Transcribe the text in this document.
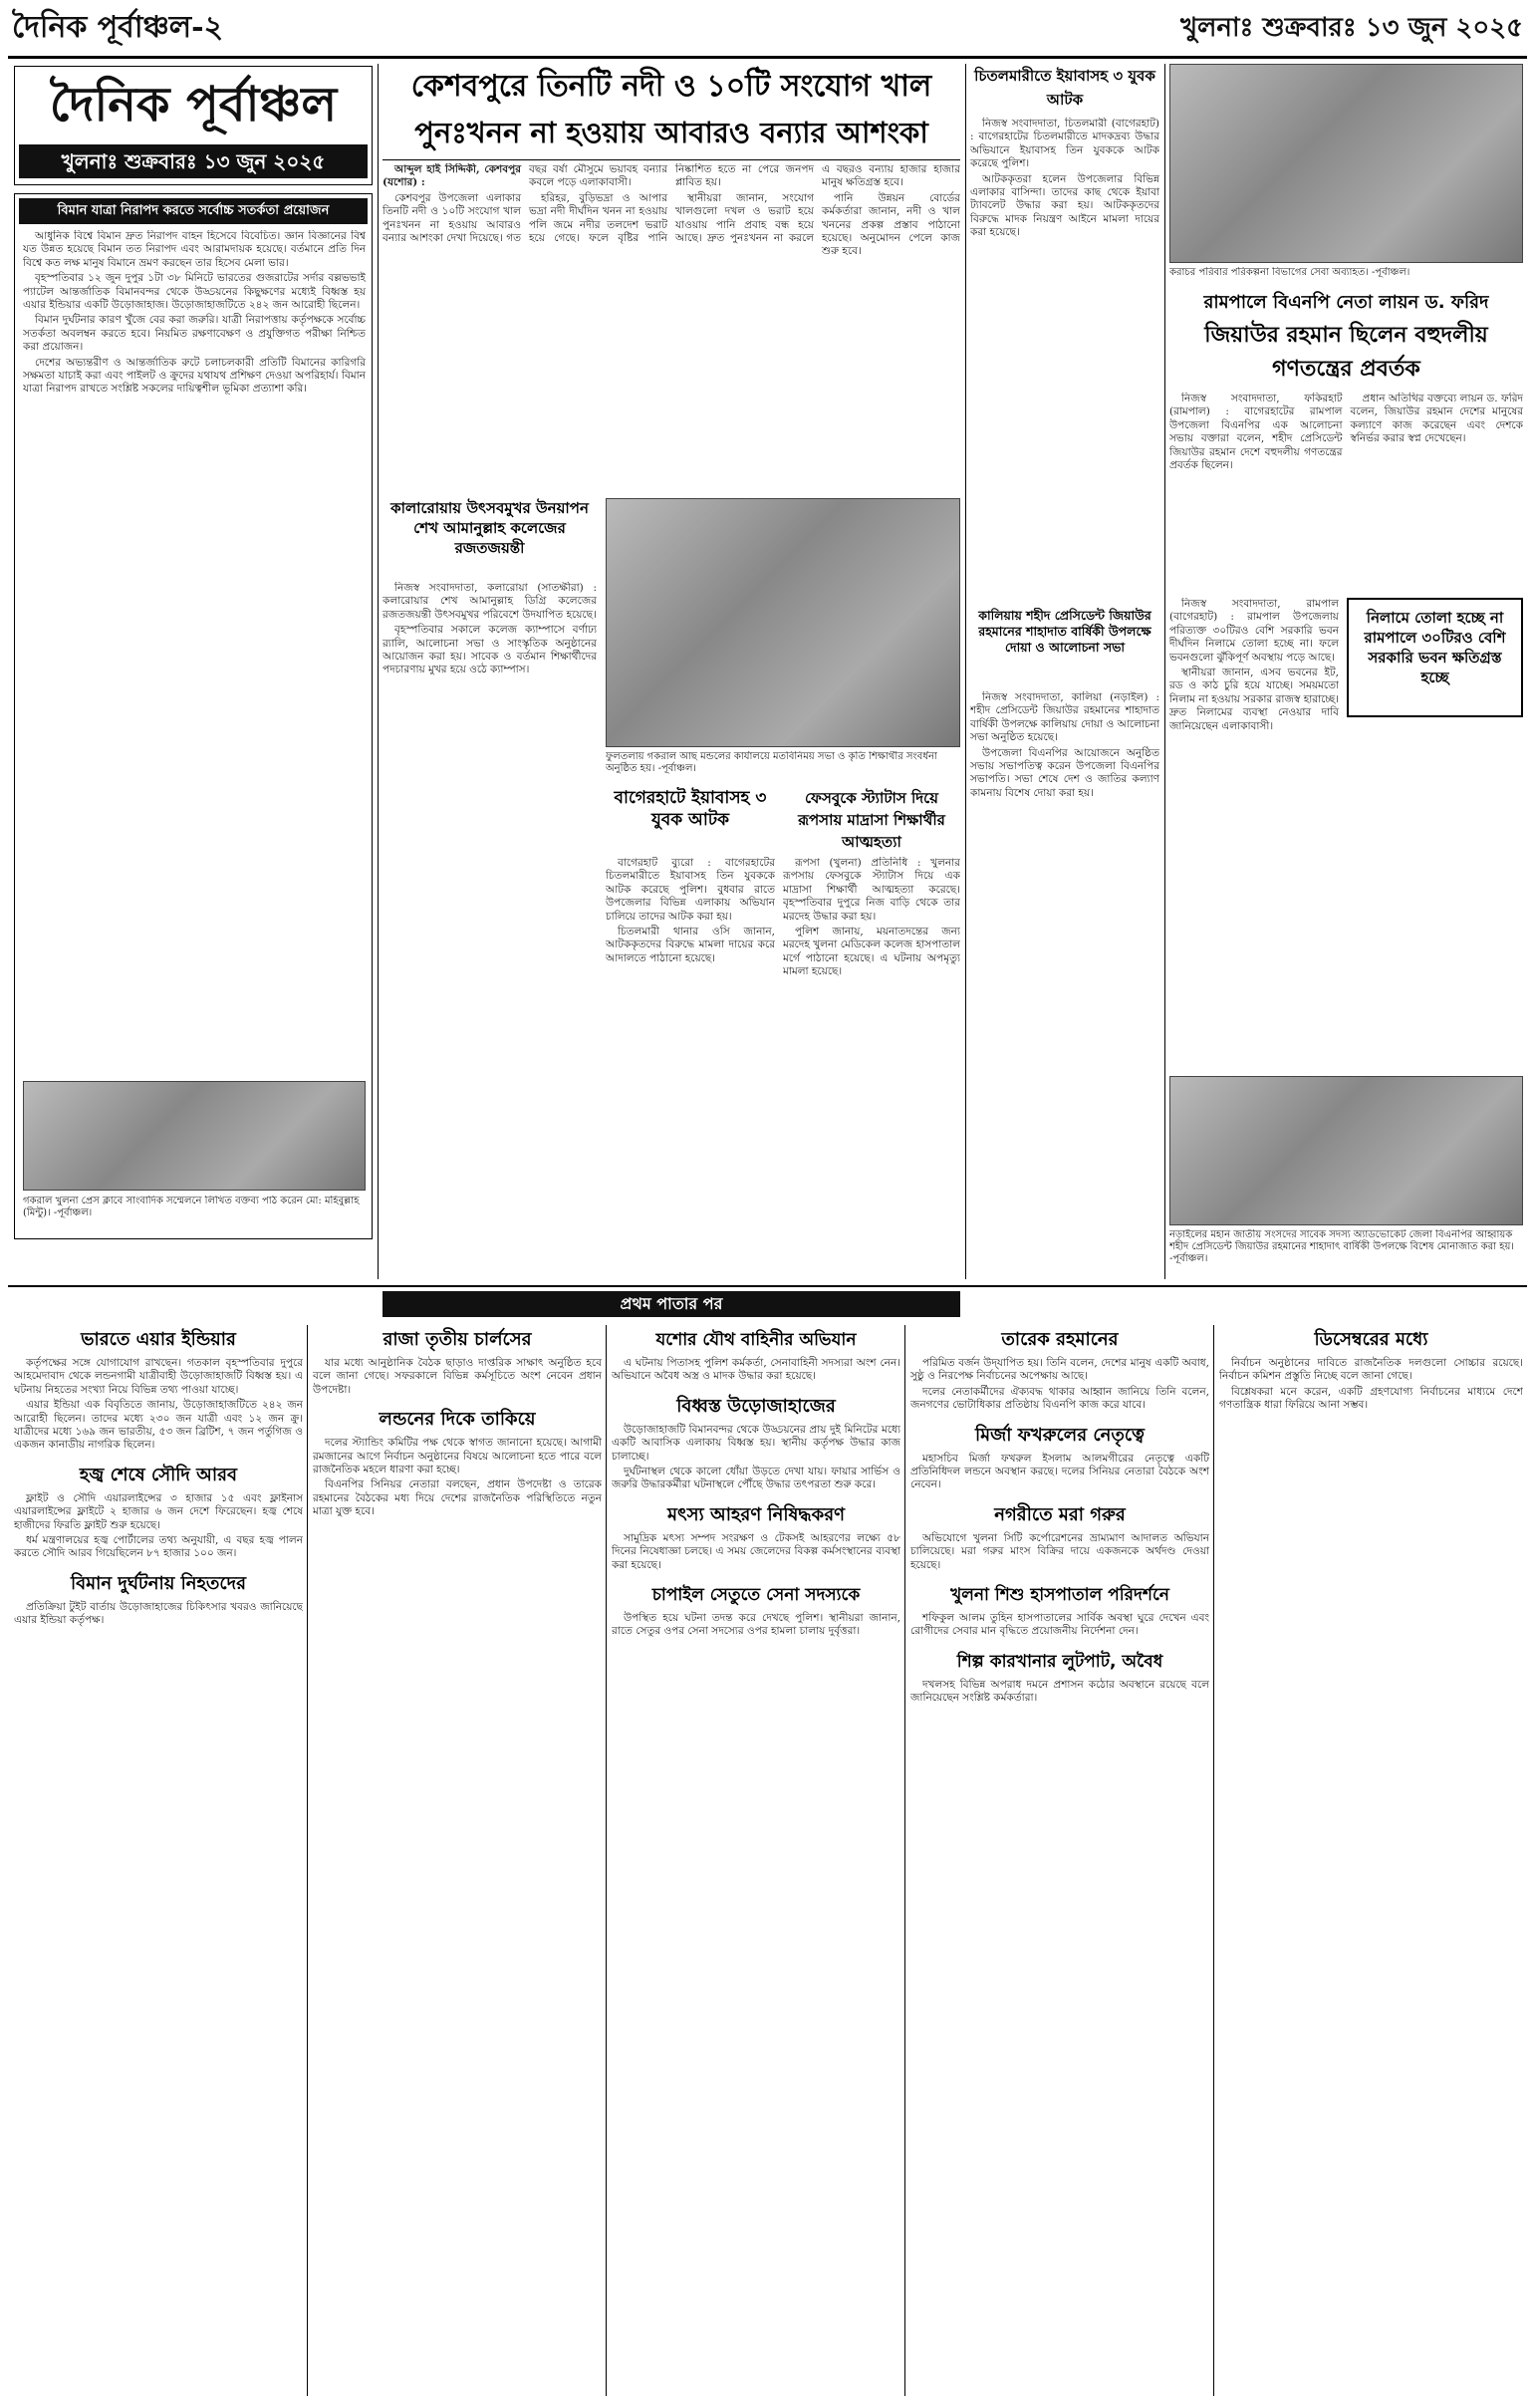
দৈনিক পূর্বাঞ্চল-২	খুলনাঃ শুক্রবারঃ ১৩ জুন ২০২৫
দৈনিক পূর্বাঞ্চল
খুলনাঃ শুক্রবারঃ ১৩ জুন ২০২৫
বিমান যাত্রা নিরাপদ করতে সর্বোচ্চ সতর্কতা প্রয়োজন

আধুনিক বিশ্বে বিমান দ্রুত নিরাপদ বাহন হিসেবে বিবেচিত। জ্ঞান বিজ্ঞানের বিশ্ব যত উন্নত হয়েছে বিমান তত নিরাপদ এবং আরামদায়ক হয়েছে। বর্তমানে প্রতি দিন বিশ্বে কত লক্ষ মানুষ বিমানে ভ্রমণ করছেন তার হিসেব মেলা ভার।

বৃহস্পতিবার ১২ জুন দুপুর ১টা ৩৮ মিনিটে ভারতের গুজরাটের সর্দার বল্লভভাই প্যাটেল আন্তর্জাতিক বিমানবন্দর থেকে উড্ডয়নের কিছুক্ষণের মধ্যেই বিধ্বস্ত হয় এয়ার ইন্ডিয়ার একটি উড়োজাহাজ। উড়োজাহাজটিতে ২৪২ জন আরোহী ছিলেন।

বিমান দুর্ঘটনার কারণ খুঁজে বের করা জরুরি। যাত্রী নিরাপত্তায় কর্তৃপক্ষকে সর্বোচ্চ সতর্কতা অবলম্বন করতে হবে। নিয়মিত রক্ষণাবেক্ষণ ও প্রযুক্তিগত পরীক্ষা নিশ্চিত করা প্রয়োজন।

দেশের অভ্যন্তরীণ ও আন্তর্জাতিক রুটে চলাচলকারী প্রতিটি বিমানের কারিগরি সক্ষমতা যাচাই করা এবং পাইলট ও ক্রুদের যথাযথ প্রশিক্ষণ দেওয়া অপরিহার্য। বিমান যাত্রা নিরাপদ রাখতে সংশ্লিষ্ট সকলের দায়িত্বশীল ভূমিকা প্রত্যাশা করি।

গকরাল খুলনা প্রেস ক্লাবে সাংবাদিক সম্মেলনে লিখিত বক্তব্য পাঠ করেন মো: মহিবুল্লাহ (মিন্টু)। -পূর্বাঞ্চল।
কেশবপুরে তিনটি নদী ও ১০টি সংযোগ খাল
পুনঃখনন না হওয়ায় আবারও বন্যার আশংকা

আব্দুল হাই সিদ্দিকী, কেশবপুর (যশোর) :

কেশবপুর উপজেলা এলাকার তিনটি নদী ও ১০টি সংযোগ খাল পুনঃখনন না হওয়ায় আবারও বন্যার আশংকা দেখা দিয়েছে। গত বছর বর্ষা মৌসুমে ভয়াবহ বন্যার কবলে পড়ে এলাকাবাসী।

হরিহর, বুড়িভদ্রা ও আপার ভদ্রা নদী দীর্ঘদিন খনন না হওয়ায় পলি জমে নদীর তলদেশ ভরাট হয়ে গেছে। ফলে বৃষ্টির পানি নিষ্কাশিত হতে না পেরে জনপদ প্লাবিত হয়।

স্থানীয়রা জানান, সংযোগ খালগুলো দখল ও ভরাট হয়ে যাওয়ায় পানি প্রবাহ বন্ধ হয়ে আছে। দ্রুত পুনঃখনন না করলে এ বছরও বন্যায় হাজার হাজার মানুষ ক্ষতিগ্রস্ত হবে।

পানি উন্নয়ন বোর্ডের কর্মকর্তারা জানান, নদী ও খাল খননের প্রকল্প প্রস্তাব পাঠানো হয়েছে। অনুমোদন পেলে কাজ শুরু হবে।

কালারোয়ায় উৎসবমুখর উনয়াপন শেখ আমানুল্লাহ কলেজের রজতজয়ন্তী

নিজস্ব সংবাদদাতা, কলারোয়া (সাতক্ষীরা) : কলারোয়ার শেখ আমানুল্লাহ ডিগ্রি কলেজের রজতজয়ন্তী উৎসবমুখর পরিবেশে উদযাপিত হয়েছে।

বৃহস্পতিবার সকালে কলেজ ক্যাম্পাসে বর্ণাঢ্য র‍্যালি, আলোচনা সভা ও সাংস্কৃতিক অনুষ্ঠানের আয়োজন করা হয়। সাবেক ও বর্তমান শিক্ষার্থীদের পদচারণায় মুখর হয়ে ওঠে ক্যাম্পাস।

ফুলতলায় গকরাল আছ মন্ডলের কার্যালয়ে মতবিনিময় সভা ও কৃতি শিক্ষার্থীর সংবর্ধনা অনুষ্ঠিত হয়। -পূর্বাঞ্চল।
বাগেরহাটে ইয়াবাসহ ৩ যুবক আটক

বাগেরহাট ব্যুরো : বাগেরহাটের চিতলমারীতে ইয়াবাসহ তিন যুবককে আটক করেছে পুলিশ। বুধবার রাতে উপজেলার বিভিন্ন এলাকায় অভিযান চালিয়ে তাদের আটক করা হয়।

চিতলমারী থানার ওসি জানান, আটককৃতদের বিরুদ্ধে মামলা দায়ের করে আদালতে পাঠানো হয়েছে।

ফেসবুকে স্ট্যাটাস দিয়ে রূপসায় মাদ্রাসা শিক্ষার্থীর আত্মহত্যা

রূপসা (খুলনা) প্রতিনিধি : খুলনার রূপসায় ফেসবুকে স্ট্যাটাস দিয়ে এক মাদ্রাসা শিক্ষার্থী আত্মহত্যা করেছে। বৃহস্পতিবার দুপুরে নিজ বাড়ি থেকে তার মরদেহ উদ্ধার করা হয়।

পুলিশ জানায়, ময়নাতদন্তের জন্য মরদেহ খুলনা মেডিকেল কলেজ হাসপাতাল মর্গে পাঠানো হয়েছে। এ ঘটনায় অপমৃত্যু মামলা হয়েছে।

চিতলমারীতে ইয়াবাসহ ৩ যুবক আটক

নিজস্ব সংবাদদাতা, চিতলমারী (বাগেরহাট) : বাগেরহাটের চিতলমারীতে মাদকদ্রব্য উদ্ধার অভিযানে ইয়াবাসহ তিন যুবককে আটক করেছে পুলিশ।

আটককৃতরা হলেন উপজেলার বিভিন্ন এলাকার বাসিন্দা। তাদের কাছ থেকে ইয়াবা ট্যাবলেট উদ্ধার করা হয়। আটককৃতদের বিরুদ্ধে মাদক নিয়ন্ত্রণ আইনে মামলা দায়ের করা হয়েছে।

কালিয়ায় শহীদ প্রেসিডেন্ট জিয়াউর রহমানের শাহাদাত বার্ষিকী উপলক্ষে দোয়া ও আলোচনা সভা

নিজস্ব সংবাদদাতা, কালিয়া (নড়াইল) : শহীদ প্রেসিডেন্ট জিয়াউর রহমানের শাহাদাত বার্ষিকী উপলক্ষে কালিয়ায় দোয়া ও আলোচনা সভা অনুষ্ঠিত হয়েছে।

উপজেলা বিএনপির আয়োজনে অনুষ্ঠিত সভায় সভাপতিত্ব করেন উপজেলা বিএনপির সভাপতি। সভা শেষে দেশ ও জাতির কল্যাণ কামনায় বিশেষ দোয়া করা হয়।

করাচর পরিবার পরিকল্পনা বিভাগের সেবা অব্যাহত। -পূর্বাঞ্চল।
রামপালে বিএনপি নেতা লায়ন ড. ফরিদ
জিয়াউর রহমান ছিলেন বহুদলীয় গণতন্ত্রের প্রবর্তক

নিজস্ব সংবাদদাতা, ফকিরহাট (রামপাল) : বাগেরহাটের রামপাল উপজেলা বিএনপির এক আলোচনা সভায় বক্তারা বলেন, শহীদ প্রেসিডেন্ট জিয়াউর রহমান দেশে বহুদলীয় গণতন্ত্রের প্রবর্তক ছিলেন।

প্রধান অতিথির বক্তব্যে লায়ন ড. ফরিদ বলেন, জিয়াউর রহমান দেশের মানুষের কল্যাণে কাজ করেছেন এবং দেশকে স্বনির্ভর করার স্বপ্ন দেখেছেন।

নিলামে তোলা হচ্ছে না রামপালে ৩০টিরও বেশি সরকারি ভবন ক্ষতিগ্রস্ত হচ্ছে

নিজস্ব সংবাদদাতা, রামপাল (বাগেরহাট) : রামপাল উপজেলায় পরিত্যক্ত ৩০টিরও বেশি সরকারি ভবন দীর্ঘদিন নিলামে তোলা হচ্ছে না। ফলে ভবনগুলো ঝুঁকিপূর্ণ অবস্থায় পড়ে আছে।

স্থানীয়রা জানান, এসব ভবনের ইট, রড ও কাঠ চুরি হয়ে যাচ্ছে। সময়মতো নিলাম না হওয়ায় সরকার রাজস্ব হারাচ্ছে। দ্রুত নিলামের ব্যবস্থা নেওয়ার দাবি জানিয়েছেন এলাকাবাসী।

নড়াইলের মহান জাতীয় সংসদের সাবেক সদস্য অ্যাডভোকেট জেলা বিএনপির আহ্বায়ক শহীদ প্রেসিডেন্ট জিয়াউর রহমানের শাহাদাৎ বার্ষিকী উপলক্ষে বিশেষ মোনাজাত করা হয়। -পূর্বাঞ্চল।
প্রথম পাতার পর
ভারতে এয়ার ইন্ডিয়ার

কর্তৃপক্ষের সঙ্গে যোগাযোগ রাখছেন। গতকাল বৃহস্পতিবার দুপুরে আহমেদাবাদ থেকে লন্ডনগামী যাত্রীবাহী উড়োজাহাজটি বিধ্বস্ত হয়। এ ঘটনায় নিহতের সংখ্যা নিয়ে বিভিন্ন তথ্য পাওয়া যাচ্ছে।

এয়ার ইন্ডিয়া এক বিবৃতিতে জানায়, উড়োজাহাজটিতে ২৪২ জন আরোহী ছিলেন। তাদের মধ্যে ২৩০ জন যাত্রী এবং ১২ জন ক্রু। যাত্রীদের মধ্যে ১৬৯ জন ভারতীয়, ৫৩ জন ব্রিটিশ, ৭ জন পর্তুগিজ ও একজন কানাডীয় নাগরিক ছিলেন।

হজ্ব শেষে সৌদি আরব

ফ্লাইট ও সৌদি এয়ারলাইন্সের ৩ হাজার ১৫ এবং ফ্লাইনাস এয়ারলাইন্সের ফ্লাইটে ২ হাজার ৬ জন দেশে ফিরেছেন। হজ্ব শেষে হাজীদের ফিরতি ফ্লাইট শুরু হয়েছে।

ধর্ম মন্ত্রণালয়ের হজ্ব পোর্টালের তথ্য অনুযায়ী, এ বছর হজ্ব পালন করতে সৌদি আরব গিয়েছিলেন ৮৭ হাজার ১০০ জন।

বিমান দুর্ঘটনায় নিহতদের

প্রতিক্রিয়া টুইট বার্তায় উড়োজাহাজের চিকিৎসার খবরও জানিয়েছে এয়ার ইন্ডিয়া কর্তৃপক্ষ।

রাজা তৃতীয় চার্লসের

যার মধ্যে আনুষ্ঠানিক বৈঠক ছাড়াও দাপ্তরিক সাক্ষাৎ অনুষ্ঠিত হবে বলে জানা গেছে। সফরকালে বিভিন্ন কর্মসূচিতে অংশ নেবেন প্রধান উপদেষ্টা।

লন্ডনের দিকে তাকিয়ে

দলের স্ট্যান্ডিং কমিটির পক্ষ থেকে স্বাগত জানানো হয়েছে। আগামী রমজানের আগে নির্বাচন অনুষ্ঠানের বিষয়ে আলোচনা হতে পারে বলে রাজনৈতিক মহলে ধারণা করা হচ্ছে।

বিএনপির সিনিয়র নেতারা বলছেন, প্রধান উপদেষ্টা ও তারেক রহমানের বৈঠকের মধ্য দিয়ে দেশের রাজনৈতিক পরিস্থিতিতে নতুন মাত্রা যুক্ত হবে।

যশোর যৌথ বাহিনীর অভিযান

এ ঘটনায় পিতাসহ পুলিশ কর্মকর্তা, সেনাবাহিনী সদস্যরা অংশ নেন। অভিযানে অবৈধ অস্ত্র ও মাদক উদ্ধার করা হয়েছে।

বিধ্বস্ত উড়োজাহাজের

উড়োজাহাজটি বিমানবন্দর থেকে উড্ডয়নের প্রায় দুই মিনিটের মধ্যে একটি আবাসিক এলাকায় বিধ্বস্ত হয়। স্থানীয় কর্তৃপক্ষ উদ্ধার কাজ চালাচ্ছে।

দুর্ঘটনাস্থল থেকে কালো ধোঁয়া উড়তে দেখা যায়। ফায়ার সার্ভিস ও জরুরি উদ্ধারকর্মীরা ঘটনাস্থলে পৌঁছে উদ্ধার তৎপরতা শুরু করে।

মৎস্য আহরণ নিষিদ্ধকরণ

সামুদ্রিক মৎস্য সম্পদ সংরক্ষণ ও টেকসই আহরণের লক্ষ্যে ৫৮ দিনের নিষেধাজ্ঞা চলছে। এ সময় জেলেদের বিকল্প কর্মসংস্থানের ব্যবস্থা করা হয়েছে।

চাপাইল সেতুতে সেনা সদস্যকে

উপস্থিত হয়ে ঘটনা তদন্ত করে দেখছে পুলিশ। স্থানীয়রা জানান, রাতে সেতুর ওপর সেনা সদস্যের ওপর হামলা চালায় দুর্বৃত্তরা।

তারেক রহমানের

পরিমিত বর্জন উদ্‌যাপিত হয়। তিনি বলেন, দেশের মানুষ একটি অবাধ, সুষ্ঠু ও নিরপেক্ষ নির্বাচনের অপেক্ষায় আছে।

দলের নেতাকর্মীদের ঐক্যবদ্ধ থাকার আহ্বান জানিয়ে তিনি বলেন, জনগণের ভোটাধিকার প্রতিষ্ঠায় বিএনপি কাজ করে যাবে।

মির্জা ফখরুলের নেতৃত্বে

মহাসচিব মির্জা ফখরুল ইসলাম আলমগীরের নেতৃত্বে একটি প্রতিনিধিদল লন্ডনে অবস্থান করছে। দলের সিনিয়র নেতারা বৈঠকে অংশ নেবেন।

নগরীতে মরা গরুর

অভিযোগে খুলনা সিটি কর্পোরেশনের ভ্রাম্যমাণ আদালত অভিযান চালিয়েছে। মরা গরুর মাংস বিক্রির দায়ে একজনকে অর্থদণ্ড দেওয়া হয়েছে।

খুলনা শিশু হাসপাতাল পরিদর্শনে

শফিকুল আলম তুহিন হাসপাতালের সার্বিক অবস্থা ঘুরে দেখেন এবং রোগীদের সেবার মান বৃদ্ধিতে প্রয়োজনীয় নির্দেশনা দেন।

শিল্প কারখানার লুটপাট, অবৈধ

দখলসহ বিভিন্ন অপরাধ দমনে প্রশাসন কঠোর অবস্থানে রয়েছে বলে জানিয়েছেন সংশ্লিষ্ট কর্মকর্তারা।

ডিসেম্বরের মধ্যে

নির্বাচন অনুষ্ঠানের দাবিতে রাজনৈতিক দলগুলো সোচ্চার রয়েছে। নির্বাচন কমিশন প্রস্তুতি নিচ্ছে বলে জানা গেছে।

বিশ্লেষকরা মনে করেন, একটি গ্রহণযোগ্য নির্বাচনের মাধ্যমে দেশে গণতান্ত্রিক ধারা ফিরিয়ে আনা সম্ভব।
